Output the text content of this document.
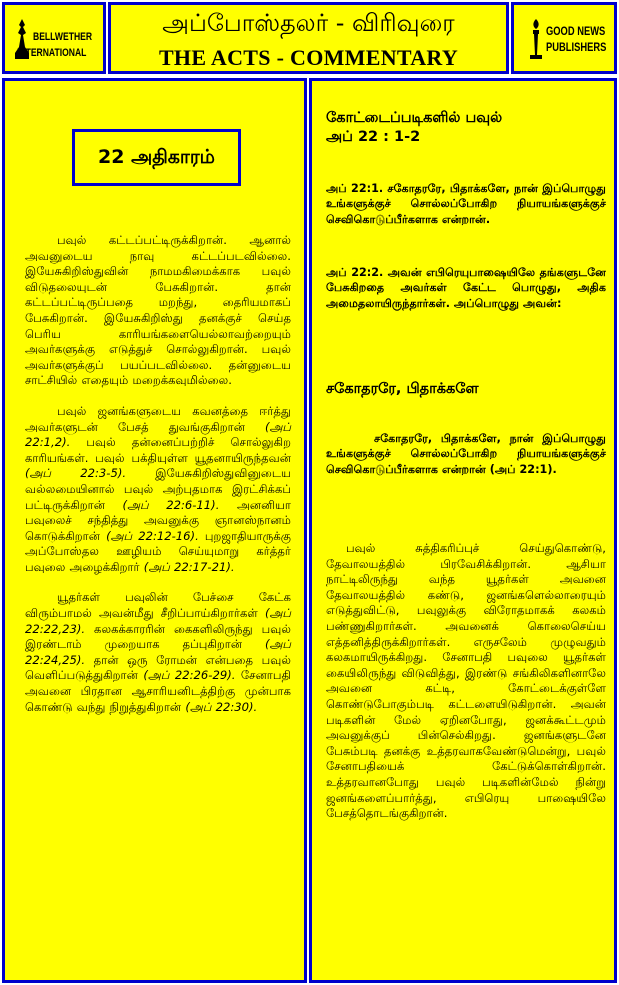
BELLWETHER
INTERNATIONAL
அப்போஸ்தலர் - விரிவுரை
THE ACTS - COMMENTARY
GOOD NEWS
PUBLISHERS
22 அதிகாரம்

பவுல் கட்டப்பட்டிருக்கிறான். ஆனால் அவனுடைய நாவு கட்டப்படவில்லை. இயேசுகிறிஸ்துவின் நாமமகிமைக்காக பவுல் விடுதலையுடன் பேசுகிறான். தான் கட்டப்பட்டிருப்பதை மறந்து, தைரியமாகப் பேசுகிறான். இயேசுகிறிஸ்து தனக்குச் செய்த பெரிய காரியங்களையெல்லாவற்றையும் அவர்களுக்கு எடுத்துச் சொல்லுகிறான். பவுல் அவர்களுக்குப் பயப்படவில்லை. தன்னுடைய சாட்சியில் எதையும் மறைக்கவுமில்லை.

பவுல் ஜனங்களுடைய கவனத்தை ஈர்த்து அவர்களுடன் பேசத் துவங்குகிறான் (அப் 22:1,2). பவுல் தன்னைப்பற்றிச் சொல்லுகிற காரியங்கள். பவுல் பக்தியுள்ள யூதனாயிருந்தவன் (அப் 22:3-5). இயேசுகிறிஸ்துவினுடைய வல்லமையினால் பவுல் அற்புதமாக இரட்சிக்கப் பட்டிருக்கிறான் (அப் 22:6-11). அனனியா பவுலைச் சந்தித்து அவனுக்கு ஞானஸ்நானம் கொடுக்கிறான் (அப் 22:12-16). புறஜாதியாருக்கு அப்போஸ்தல ஊழியம் செய்யுமாறு கர்த்தர் பவுலை அழைக்கிறார் (அப் 22:17-21).

யூதர்கள் பவுலின் பேச்சை கேட்க விரும்பாமல் அவன்மீது சீறிப்பாய்கிறார்கள் (அப் 22:22,23). கலகக்காரரின் கைகளிலிருந்து பவுல் இரண்டாம் முறையாக தப்புகிறான் (அப் 22:24,25). தான் ஒரு ரோமன் என்பதை பவுல் வெளிப்படுத்துகிறான் (அப் 22:26-29). சேனாபதி அவனை பிரதான ஆசாரியனிடத்திற்கு முன்பாக கொண்டு வந்து நிறுத்துகிறான் (அப் 22:30).

கோட்டைப்படிகளில் பவுல்
அப் 22 : 1-2
அப் 22:1. சகோதரரே, பிதாக்களே, நான் இப்பொழுது உங்களுக்குச் சொல்லப்போகிற நியாயங்களுக்குச் செவிகொடுப்பீர்களாக என்றான்.
அப் 22:2. அவன் எபிரெயுபாஷையிலே தங்களுடனே பேசுகிறதை அவர்கள் கேட்ட பொழுது, அதிக அமைதலாயிருந்தார்கள். அப்பொழுது அவன்:
சகோதரரே, பிதாக்களே
சகோதரரே, பிதாக்களே, நான் இப்பொழுது உங்களுக்குச் சொல்லப்போகிற நியாயங்களுக்குச் செவிகொடுப்பீர்களாக என்றான் (அப் 22:1).

பவுல் சுத்திகரிப்புச் செய்துகொண்டு, தேவாலயத்தில் பிரவேசிக்கிறான். ஆசியா நாட்டிலிருந்து வந்த யூதர்கள் அவனை தேவாலயத்தில் கண்டு, ஜனங்களெல்லாரையும் எடுத்துவிட்டு, பவுலுக்கு விரோதமாகக் கலகம் பண்ணுகிறார்கள். அவனைக் கொலைசெய்ய எத்தனித்திருக்கிறார்கள். எருசலேம் முழுவதும் கலகமாயிருக்கிறது. சேனாபதி பவுலை யூதர்கள் கையிலிருந்து விடுவித்து, இரண்டு சங்கிலிகளினாலே அவனை கட்டி, கோட்டைக்குள்ளே கொண்டுபோகும்படி கட்டளையிடுகிறான். அவன் படிகளின் மேல் ஏறினபோது, ஜனக்கூட்டமும் அவனுக்குப் பின்செல்கிறது. ஜனங்களுடனே பேசும்படி தனக்கு உத்தரவாகவேண்டுமென்று, பவுல் சேனாபதியைக் கேட்டுக்கொள்கிறான். உத்தரவானபோது பவுல் படிகளின்மேல் நின்று ஜனங்களைப்பார்த்து, எபிரெயு பாஷையிலே பேசத்தொடங்குகிறான்.
